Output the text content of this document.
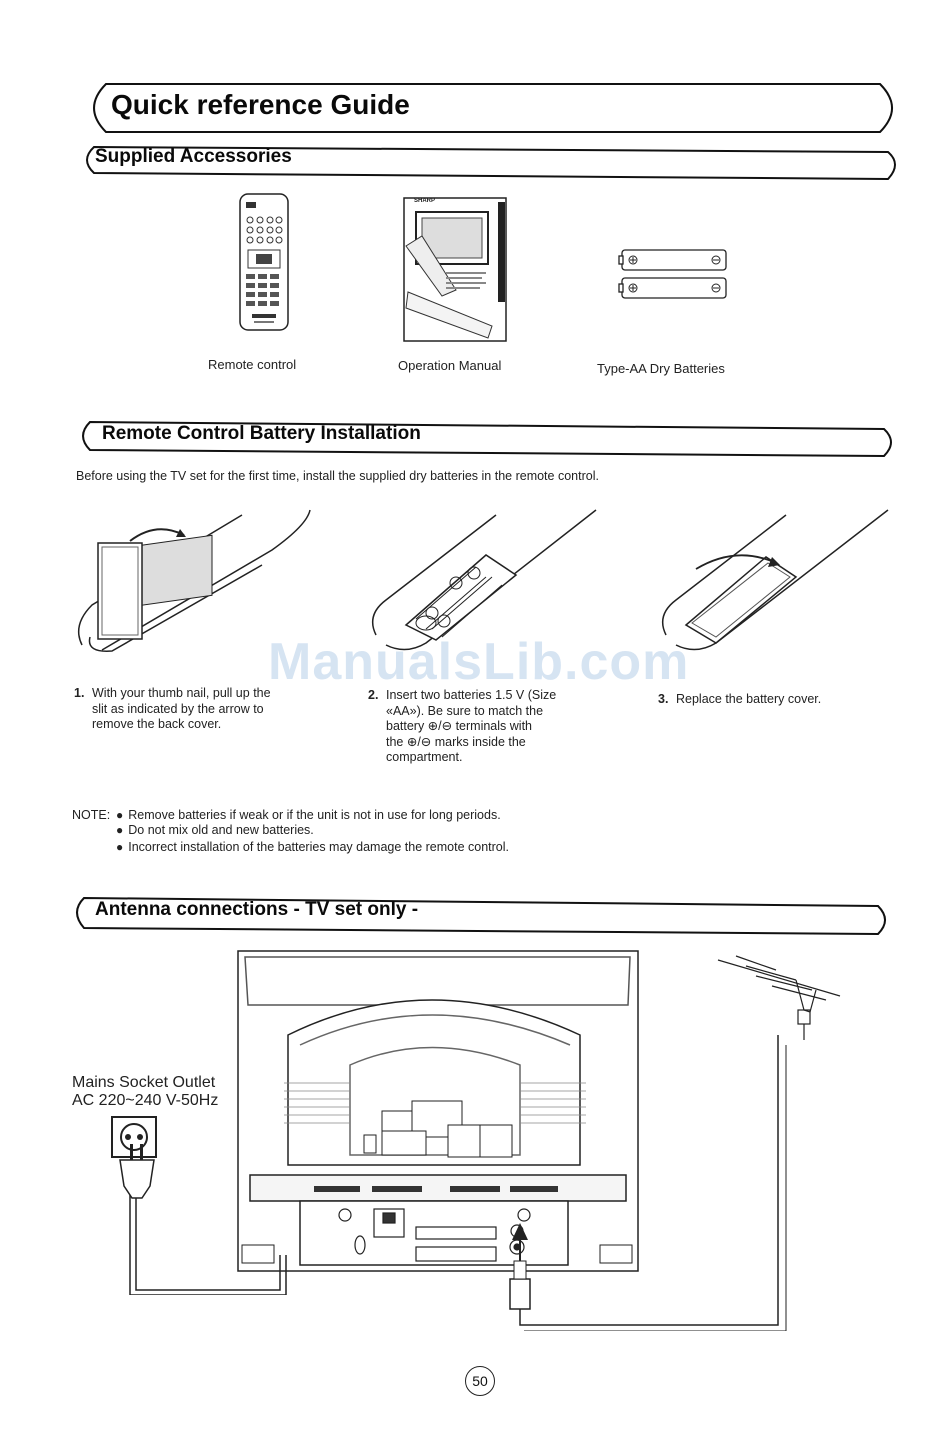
Quick reference Guide
Supplied Accessories
SHARP
Remote control	Operation Manual	Type-AA Dry Batteries
Remote Control Battery Installation
Before using the TV set for the first time, install the supplied dry batteries in the remote control.
ManualsLib.com
1. With your thumb nail, pull up the
slit as indicated by the arrow to
remove the back cover.
2. Insert two batteries 1.5 V (Size
«AA»). Be sure to match the
battery ⊕/⊖ terminals with
the ⊕/⊖ marks inside the
compartment.
3. Replace the battery cover.
NOTE: ● Remove batteries if weak or if the unit is not in use for long periods.
● Do not mix old and new batteries.
● Incorrect installation of the batteries may damage the remote control.
Antenna connections - TV set only -
Mains Socket Outlet
AC 220~240 V-50Hz
50
